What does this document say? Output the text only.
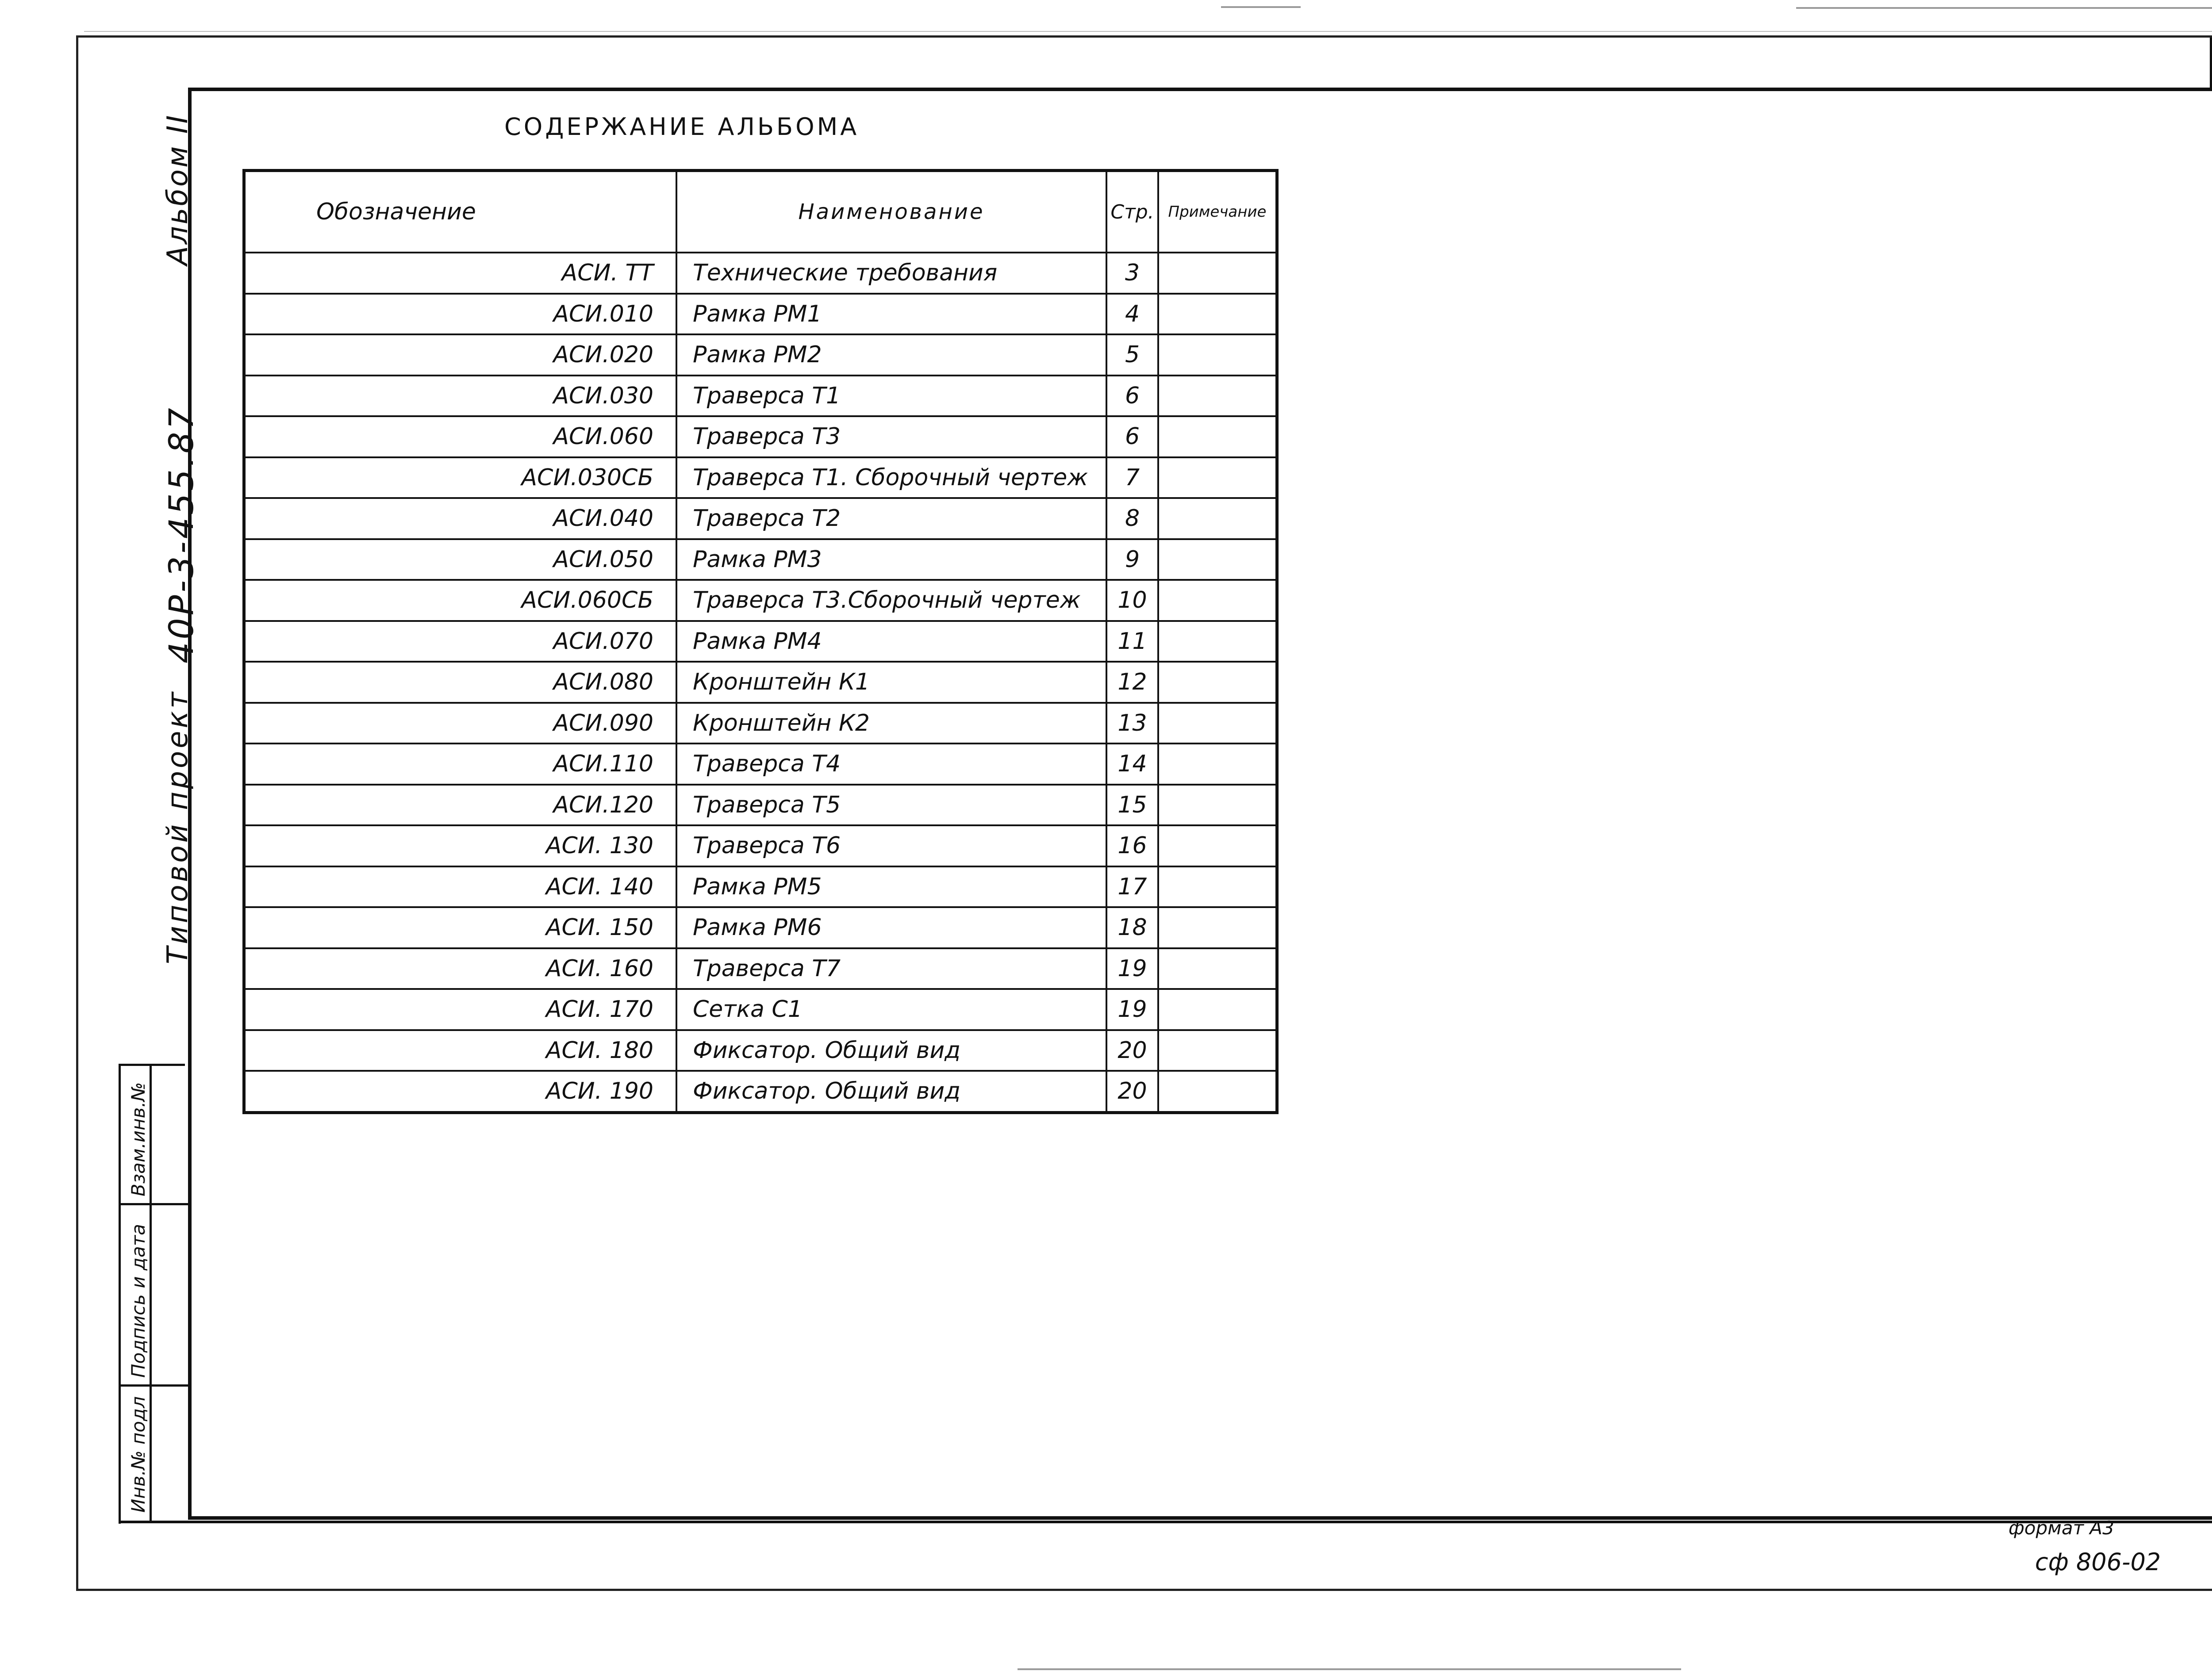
Типовой проект
40Р-3-455.87
Альбом II
Взам.инв.№
Подпись и дата
Инв.№ подл
СОДЕРЖАНИЕ АЛЬБОМА
Обозначение	Наименование	Стр.	Примечание
АСИ. ТТ	Технические требования	3	
АСИ.010	Рамка РМ1	4	
АСИ.020	Рамка РМ2	5	
АСИ.030	Траверса Т1	6	
АСИ.060	Траверса Т3	6	
АСИ.030СБ	Траверса Т1. Сборочный чертеж	7	
АСИ.040	Траверса Т2	8	
АСИ.050	Рамка РМ3	9	
АСИ.060СБ	Траверса Т3.Сборочный чертеж	10	
АСИ.070	Рамка РМ4	11	
АСИ.080	Кронштейн К1	12	
АСИ.090	Кронштейн К2	13	
АСИ.110	Траверса Т4	14	
АСИ.120	Траверса Т5	15	
АСИ. 130	Траверса Т6	16	
АСИ. 140	Рамка РМ5	17	
АСИ. 150	Рамка РМ6	18	
АСИ. 160	Траверса Т7	19	
АСИ. 170	Сетка С1	19	
АСИ. 180	Фиксатор. Общий вид	20	
АСИ. 190	Фиксатор. Общий вид	20	
формат А3
сф 806-02
